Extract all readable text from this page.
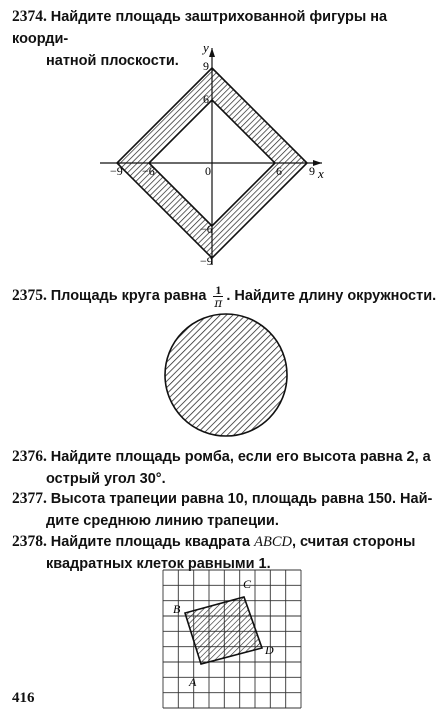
2374. Найдите площадь заштрихованной фигуры на коорди-
натной плоскости.
x
y
0
−9 −6	6 9
9
6
−6
−9
2375. Площадь круга равна $\frac{1}{\pi}$ . Найдите длину окружности.
2376. Найдите площадь ромба, если его высота равна 2, а
острый угол 30°.
2377. Высота трапеции равна 10, площадь равна 150. Най-
дите среднюю линию трапеции.
2378. Найдите площадь квадрата ABCD, считая стороны
квадратных клеток равными 1.
A
B
C
D
416
